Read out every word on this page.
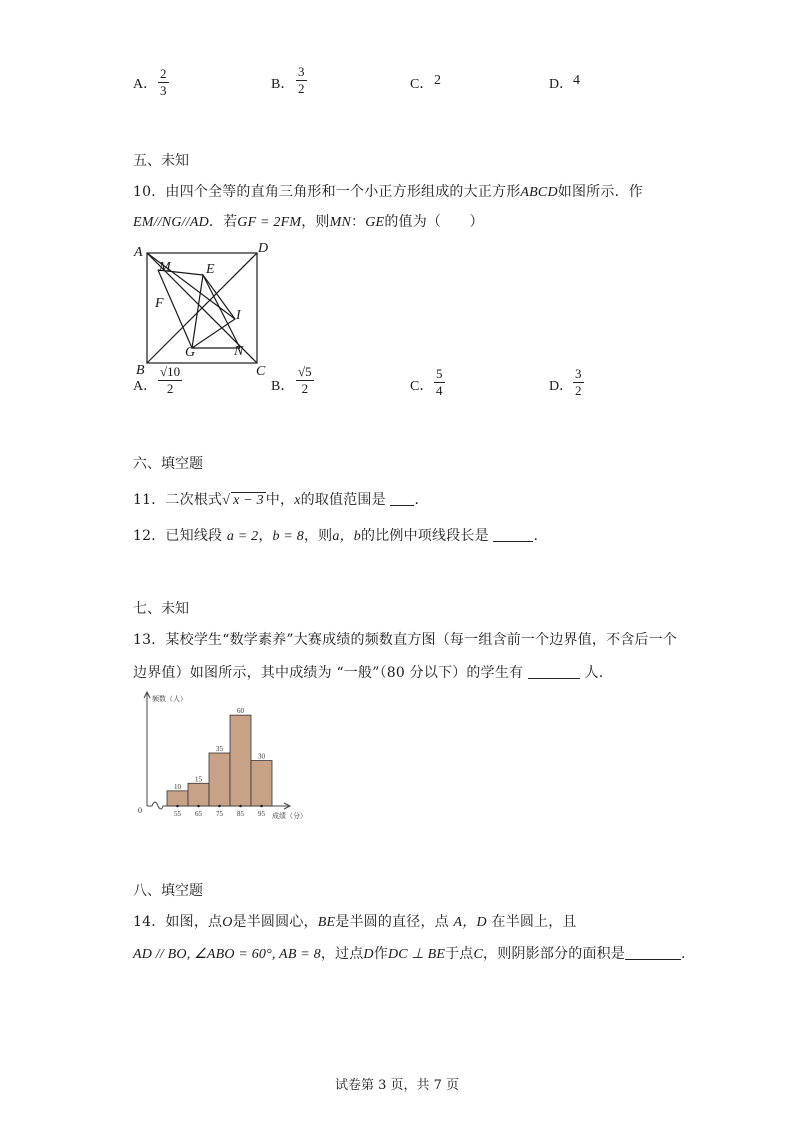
A． $\frac{2}{3}$	B． $\frac{3}{2}$	C． 2	D． 4
五、未知
10．由四个全等的直角三角形和一个小正方形组成的大正方形ABCD如图所示．作
EM//NG//AD．若GF = 2FM，则MN：GE的值为（　　）
A	D
M	E
F
I
B
G	N
C
A． $\frac{√10}{2}$	B． $\frac{√5}{2}$	C． $\frac{5}{4}$	D． $\frac{3}{2}$
六、填空题
11．二次根式√ x − 3 中，x的取值范围是 ．
12．已知线段 a = 2，b = 8，则a，b的比例中项线段长是	.
七、未知
13．某校学生“数学素养”大赛成绩的频数直方图（每一组含前一个边界值，不含后一个
边界值）如图所示，其中成绩为 “一般”（80 分以下）的学生有	人.
10
55
15
65
35
75
60
85
30
95
频数（人）
成绩（分）
0
八、填空题
14．如图，点O是半圆圆心，BE是半圆的直径，点 A，D 在半圆上，且
AD // BO, ∠ABO = 60°, AB = 8，过点D作DC ⊥ BE于点C，则阴影部分的面积是	.
试卷第 3 页，共 7 页
